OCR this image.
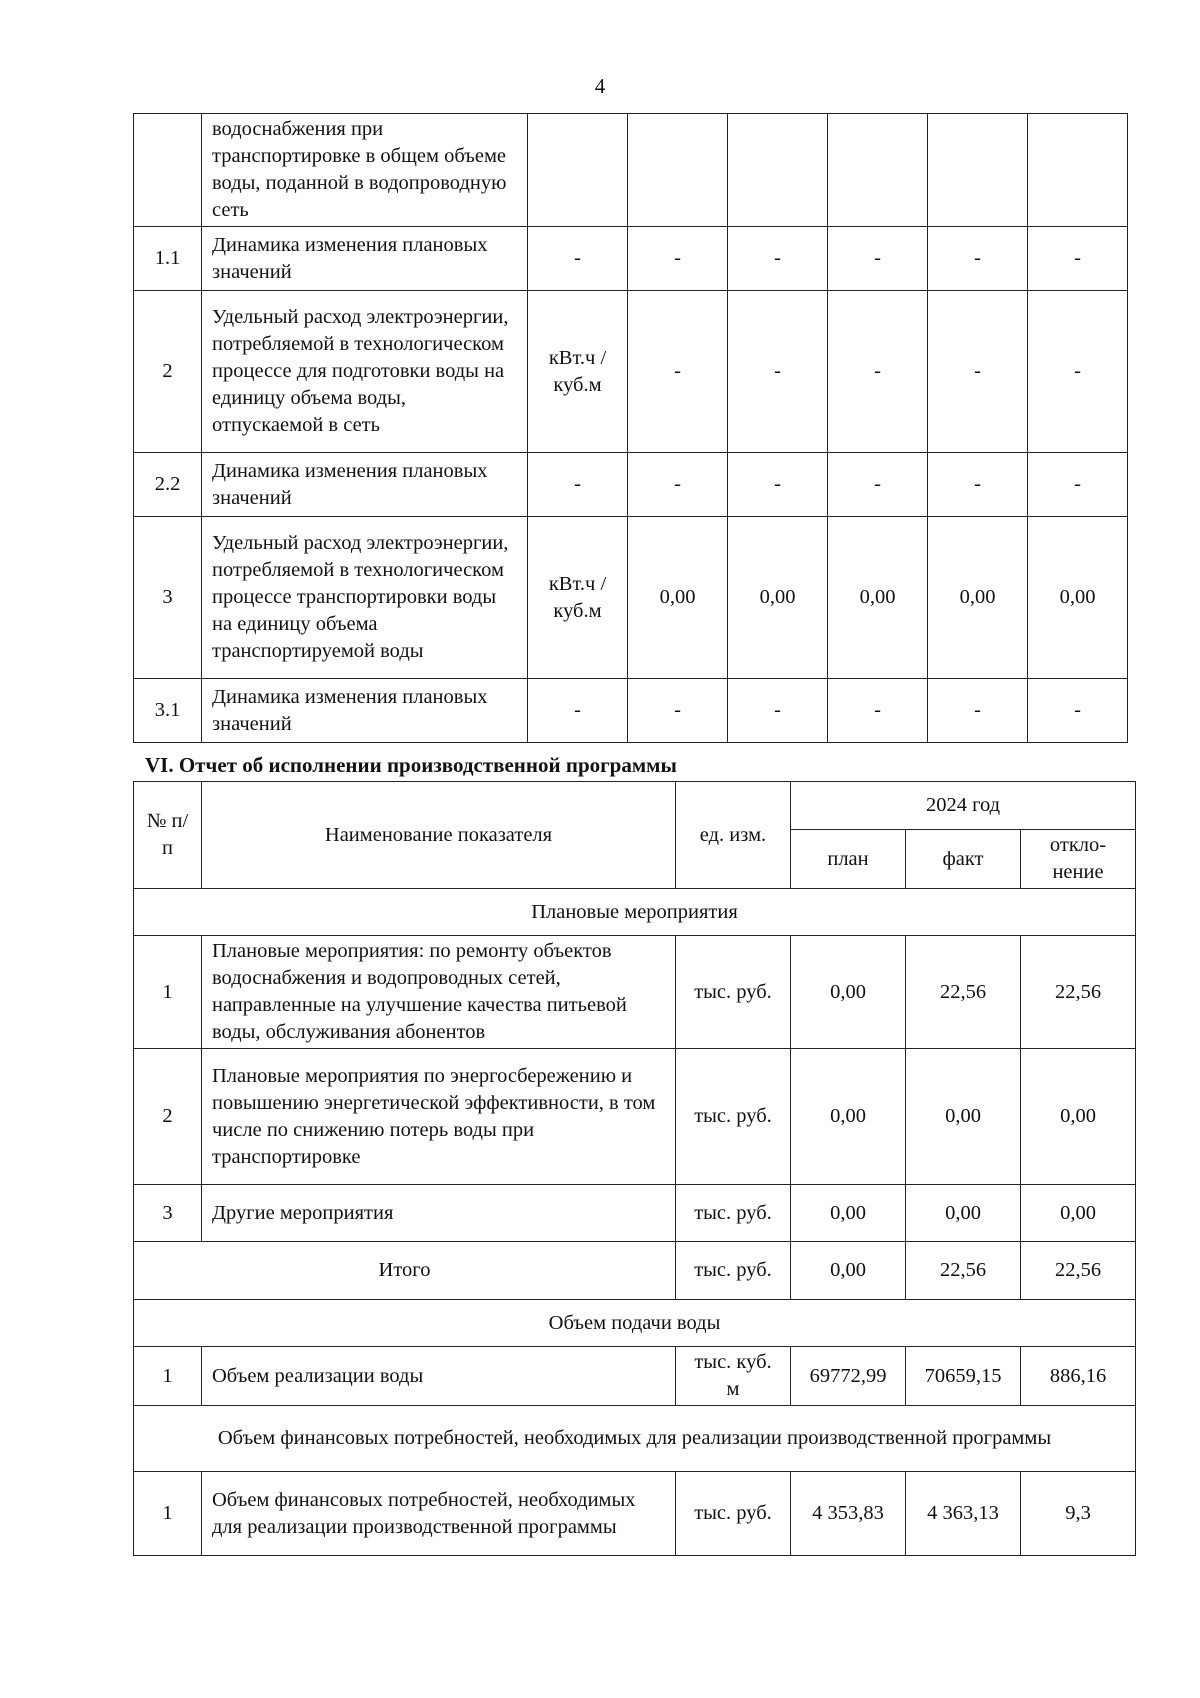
4
	водоснабжения при транспортировке в общем объеме воды, поданной в водопроводную сеть						
1.1	Динамика изменения плановых значений	-	-	-	-	-	-
2	Удельный расход электроэнергии, потребляемой в технологическом процессе для подготовки воды на единицу объема воды, отпускаемой в сеть	кВт.ч / куб.м	-	-	-	-	-
2.2	Динамика изменения плановых значений	-	-	-	-	-	-
3	Удельный расход электроэнергии, потребляемой в технологическом процессе транспортировки воды на единицу объема транспортируемой воды	кВт.ч / куб.м	0,00	0,00	0,00	0,00	0,00
3.1	Динамика изменения плановых значений	-	-	-	-	-	-
VI. Отчет об исполнении производственной программы
№ п/п	Наименование показателя	ед. изм.	2024 год		
			план	факт	откло-нение
Плановые мероприятия					
1	Плановые мероприятия: по ремонту объектов водоснабжения и водопроводных сетей, направленные на улучшение качества питьевой воды, обслуживания абонентов	тыс. руб.	0,00	22,56	22,56
2	Плановые мероприятия по энергосбережению и повышению энергетической эффективности, в том числе по снижению потерь воды при транспортировке	тыс. руб.	0,00	0,00	0,00
3	Другие мероприятия	тыс. руб.	0,00	0,00	0,00
Итого		тыс. руб.	0,00	22,56	22,56
Объем подачи воды					
1	Объем реализации воды	тыс. куб. м	69772,99	70659,15	886,16
Объем финансовых потребностей, необходимых для реализации производственной программы					
1	Объем финансовых потребностей, необходимых для реализации производственной программы	тыс. руб.	4 353,83	4 363,13	9,3
